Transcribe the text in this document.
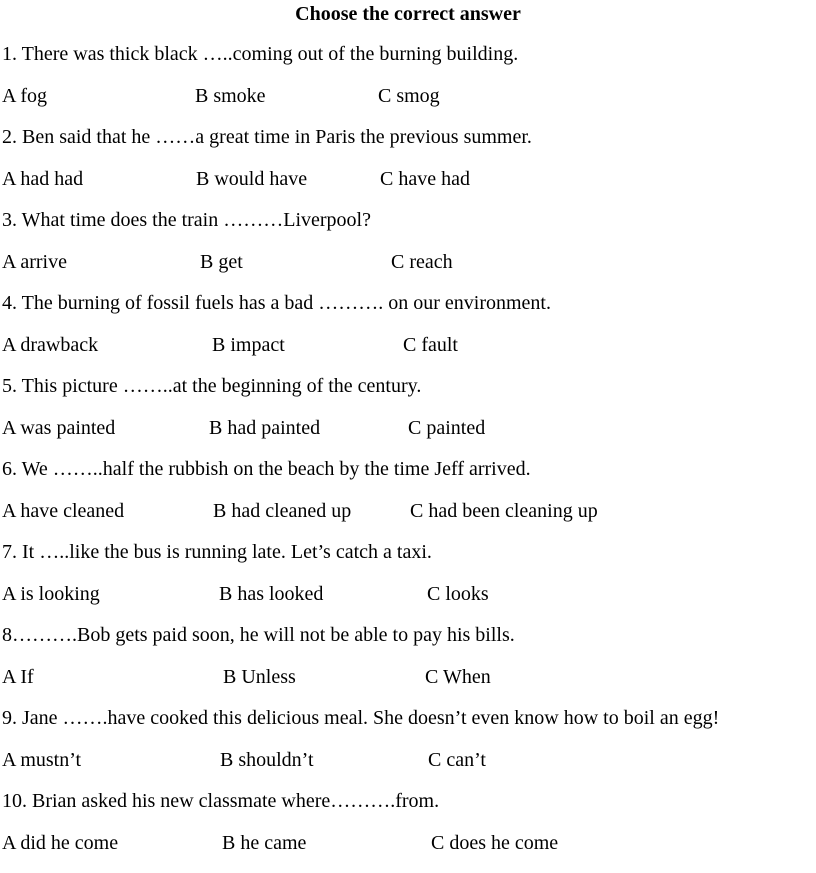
Choose the correct answer
1. There was thick black …..coming out of the burning building.
A fog	B smoke	C smog
2. Ben said that he ……a great time in Paris the previous summer.
A had had	B would have	C have had
3. What time does the train ………Liverpool?
A arrive	B get	C reach
4. The burning of fossil fuels has a bad ………. on our environment.
A drawback	B impact	C fault
5. This picture ……..at the beginning of the century.
A was painted	B had painted	C painted
6. We ……..half the rubbish on the beach by the time Jeff arrived.
A have cleaned	B had cleaned up	C had been cleaning up
7. It …..like the bus is running late. Let’s catch a taxi.
A is looking	B has looked	C looks
8……….Bob gets paid soon, he will not be able to pay his bills.
A If	B Unless	C When
9. Jane …….have cooked this delicious meal. She doesn’t even know how to boil an egg!
A mustn’t	B shouldn’t	C can’t
10. Brian asked his new classmate where……….from.
A did he come	B he came	C does he come
